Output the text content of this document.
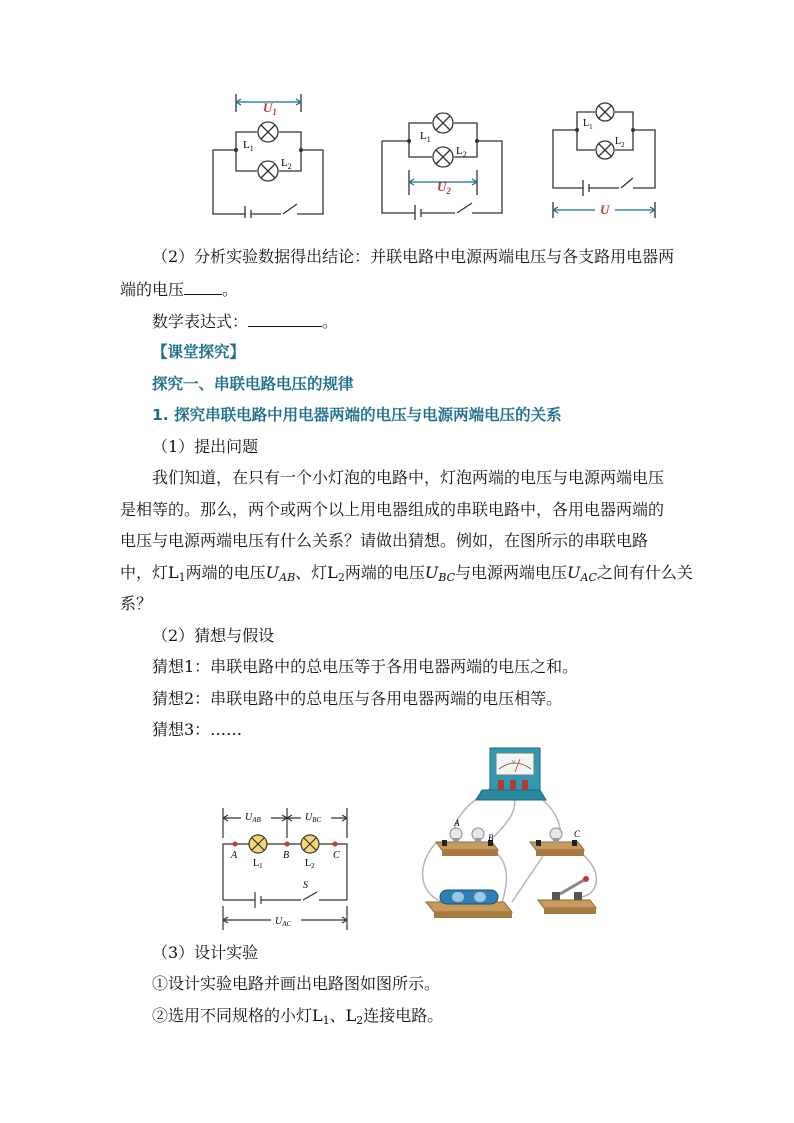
$U_1$
$L_1$
$L_2$
$L_1$
$L_2$
$U_2$
$L_1$
$L_2$
U
（2）分析实验数据得出结论：并联电路中电源两端电压与各支路用电器两
端的电压 。
数学表达式：	。
【课堂探究】
探究一、串联电路电压的规律
1. 探究串联电路中用电器两端的电压与电源两端电压的关系
（1）提出问题
我们知道，在只有一个小灯泡的电路中，灯泡两端的电压与电源两端电压
是相等的。那么，两个或两个以上用电器组成的串联电路中，各用电器两端的
电压与电源两端电压有什么关系？请做出猜想。例如，在图所示的串联电路
中，灯$L_1$两端的电压$U_{AB}$、灯$L_2$两端的电压$U_{BC}$与电源两端电压$U_{AC}$之间有什么关
系？
（2）猜想与假设
猜想1：串联电路中的总电压等于各用电器两端的电压之和。
猜想2：串联电路中的总电压与各用电器两端的电压相等。
猜想3：……
$U_{AB}$	$U_{BC}$
$U_{AC}$
A	B	C
$L_1$	$L_2$
S
V
A
B	C
（3）设计实验
①设计实验电路并画出电路图如图所示。
②选用不同规格的小灯$L_1$、$L_2$连接电路。
